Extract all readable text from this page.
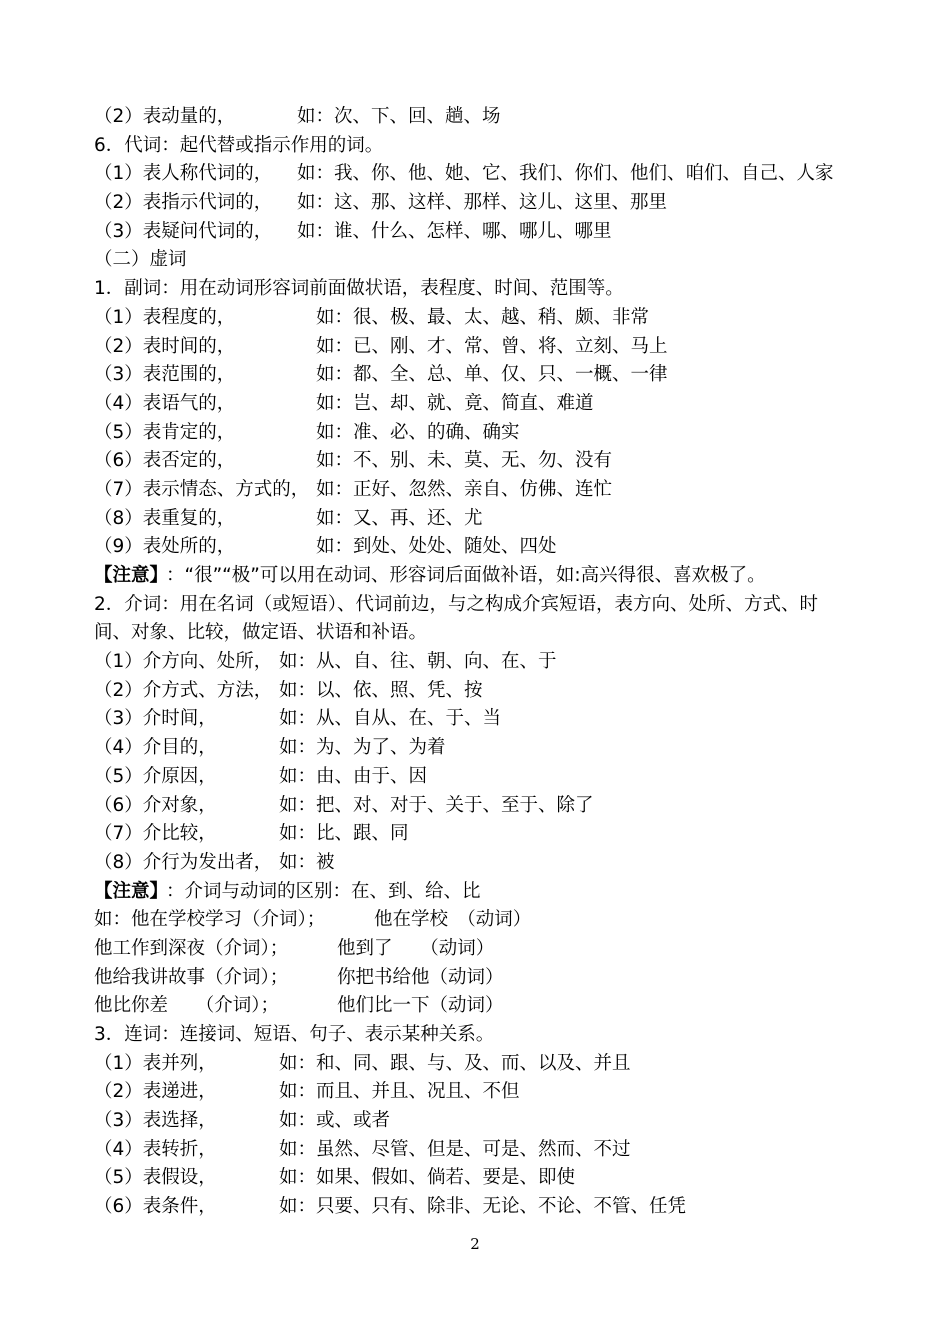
（2）表动量的，	如：次、下、回、趟、场
6．代词：起代替或指示作用的词。
（1）表人称代词的， 如：我、你、他、她、它、我们、你们、他们、咱们、自己、人家
（2）表指示代词的， 如：这、那、这样、那样、这儿、这里、那里
（3）表疑问代词的， 如：谁、什么、怎样、哪、哪儿、哪里
（二）虚词
1．副词：用在动词形容词前面做状语，表程度、时间、范围等。
（1）表程度的，	如：很、极、最、太、越、稍、颇、非常
（2）表时间的，	如：已、刚、才、常、曾、将、立刻、马上
（3）表范围的，	如：都、全、总、单、仅、只、一概、一律
（4）表语气的，	如：岂、却、就、竟、简直、难道
（5）表肯定的，	如：准、必、的确、确实
（6）表否定的，	如：不、别、未、莫、无、勿、没有
（7）表示情态、方式的， 如：正好、忽然、亲自、仿佛、连忙
（8）表重复的，	如：又、再、还、尤
（9）表处所的，	如：到处、处处、随处、四处
【注意】
：“很”“极”可以用在动词、形容词后面做补语，如:高兴得很、喜欢极了。
2．介词：用在名词（或短语）、代词前边，与之构成介宾短语，表方向、处所、方式、时
间、对象、比较，做定语、状语和补语。
（1）介方向、处所， 如：从、自、往、朝、向、在、于
（2）介方式、方法， 如：以、依、照、凭、按
（3）介时间，	如：从、自从、在、于、当
（4）介目的，	如：为、为了、为着
（5）介原因，	如：由、由于、因
（6）介对象，	如：把、对、对于、关于、至于、除了
（7）介比较，	如：比、跟、同
（8）介行为发出者， 如：被
【注意】
：介词与动词的区别：在、到、给、比
如：他在学校学习（介词）；	他在学校　（动词）
他工作到深夜（介词）；	他到了　　（动词）
他给我讲故事（介词）；	你把书给他（动词）
他比你差　　（介词）；	他们比一下（动词）
3．连词：连接词、短语、句子、表示某种关系。
（1）表并列，	如：和、同、跟、与、及、而、以及、并且
（2）表递进，	如：而且、并且、况且、不但
（3）表选择，	如：或、或者
（4）表转折，	如：虽然、尽管、但是、可是、然而、不过
（5）表假设，	如：如果、假如、倘若、要是、即使
（6）表条件，	如：只要、只有、除非、无论、不论、不管、任凭
2
